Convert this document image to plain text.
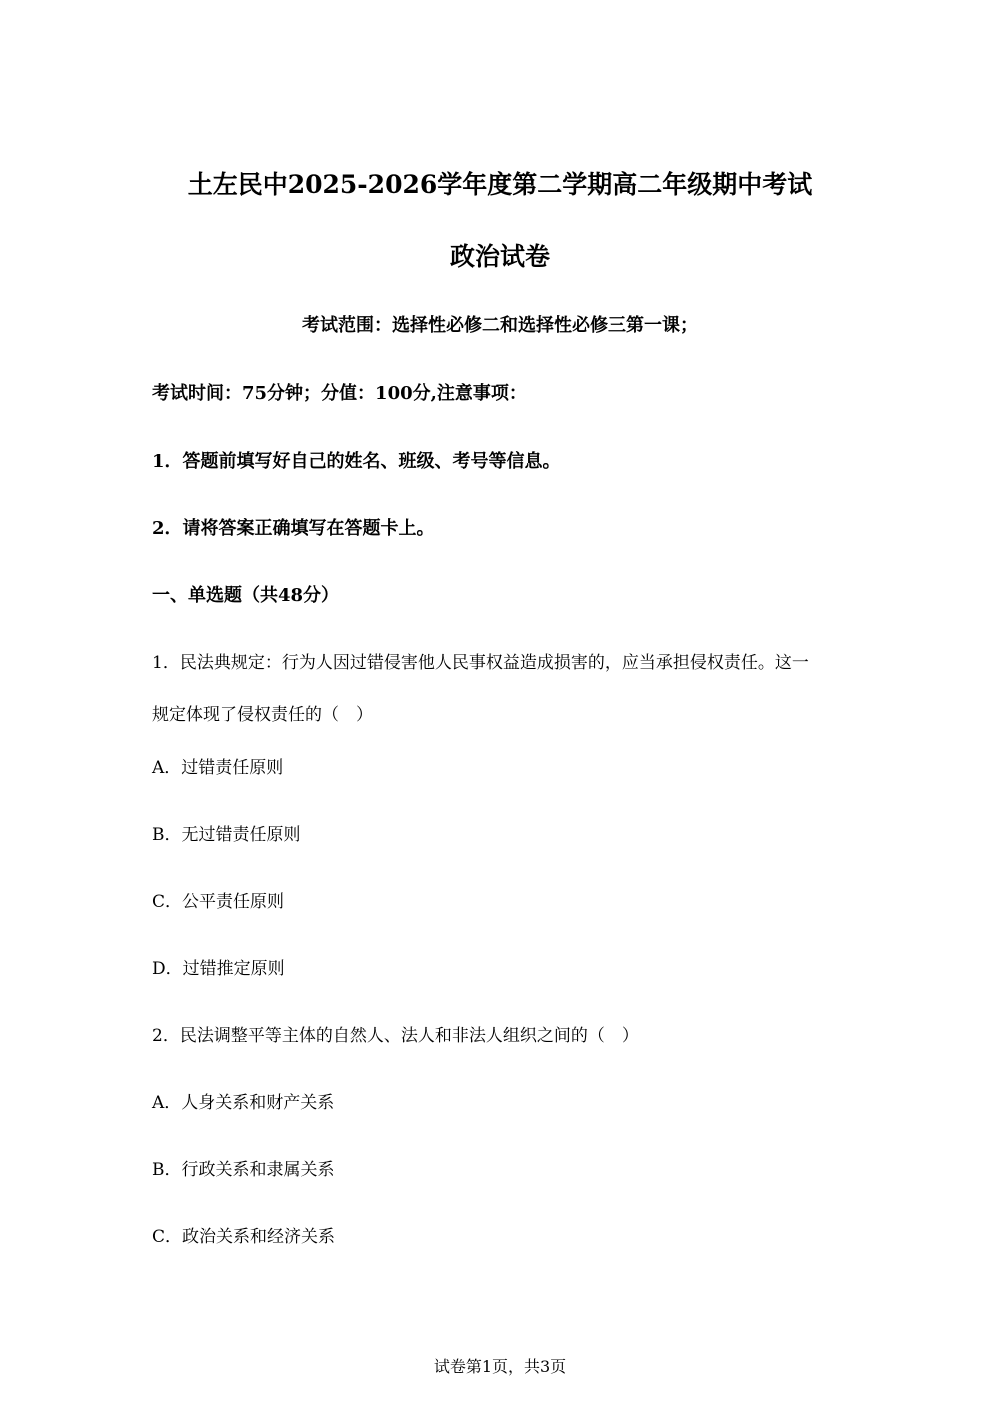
土左民中2025-2026学年度第二学期高二年级期中考试
政治试卷
考试范围：选择性必修二和选择性必修三第一课；
考试时间：75分钟；分值：100分,注意事项：
1．答题前填写好自己的姓名、班级、考号等信息。
2．请将答案正确填写在答题卡上。
一、单选题（共48分）
1．民法典规定：行为人因过错侵害他人民事权益造成损害的，应当承担侵权责任。这一
规定体现了侵权责任的（　）
A．过错责任原则
B．无过错责任原则
C．公平责任原则
D．过错推定原则
2．民法调整平等主体的自然人、法人和非法人组织之间的（　）
A．人身关系和财产关系
B．行政关系和隶属关系
C．政治关系和经济关系
试卷第1页，共3页
